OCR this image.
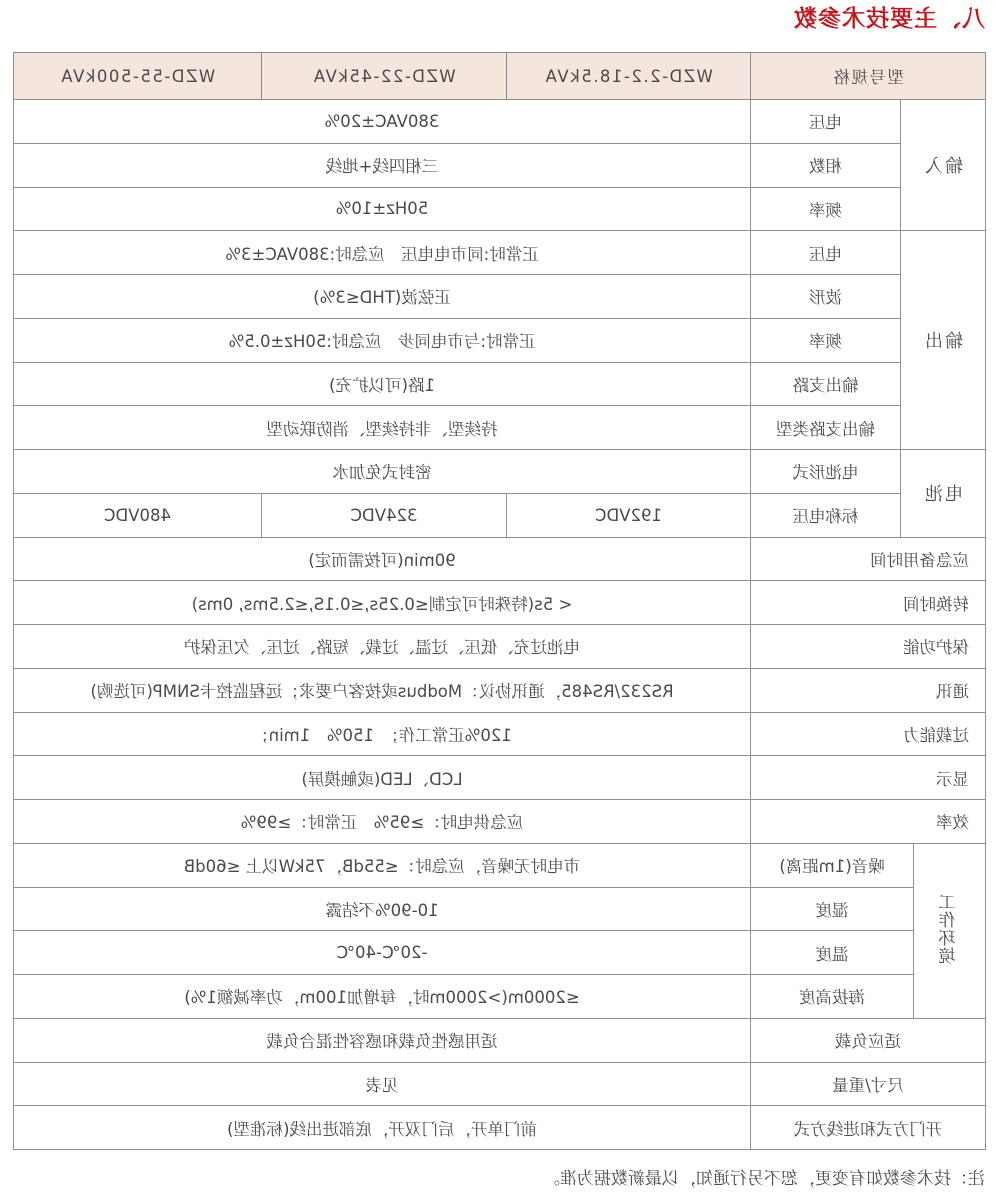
八、主要技术参数
型号规格			WZD-2.2-18.5kVA	WZD-22-45kVA	WZD-55-500kVA
输入		电压	380VAC±20%		
		相数	三相四线+地线		
		频率	50Hz±10%		
输出		电压	正常时:同市电电压　应急时:380VAC±3%		
		波形	正弦波(THD≤3%)		
		频率	正常时:与市电同步　应急时:50Hz±0.5%		
		输出支路	1路(可以扩充)		
		输出支路类型	持续型、非持续型、消防联动型		
电池		电池形式	密封式免加水		
		标称电压	192VDC	324VDC	480VDC
应急备用时间			90min(可按需而定)		
转换时间			< 5s(特殊时可定制≤0.25s,≤0.1S,≤2.5ms, 0ms)		
保护功能			电池过充、低压、过温、过载、短路、过压、欠压保护		
通讯			RS232/RS485，通讯协议：Modbus或按客户要求；远程监控卡SNMP(可选购)		
过载能力			120%正常工作；　150%　1min；		
显示			LCD、LED(或触摸屏)		
效率			应急供电时：≥95%　正常时：≥99%		
工作环境	噪音(1m距离)		市电时无噪音，应急时：≤55dB，75kW以上 ≤60dB		
	湿度		10-90%不结露		
	温度		-20℃-40℃		
	海拔高度		≤2000m(>2000m时，每增加100m，功率减额1%)		
适应负载			适用感性负载和感容性混合负载		
尺寸/重量			见表		
开门方式和进线方式			前门单开，后门双开，底部进出线(标准型)		
注：技术参数如有变更，恕不另行通知，以最新数据为准。
